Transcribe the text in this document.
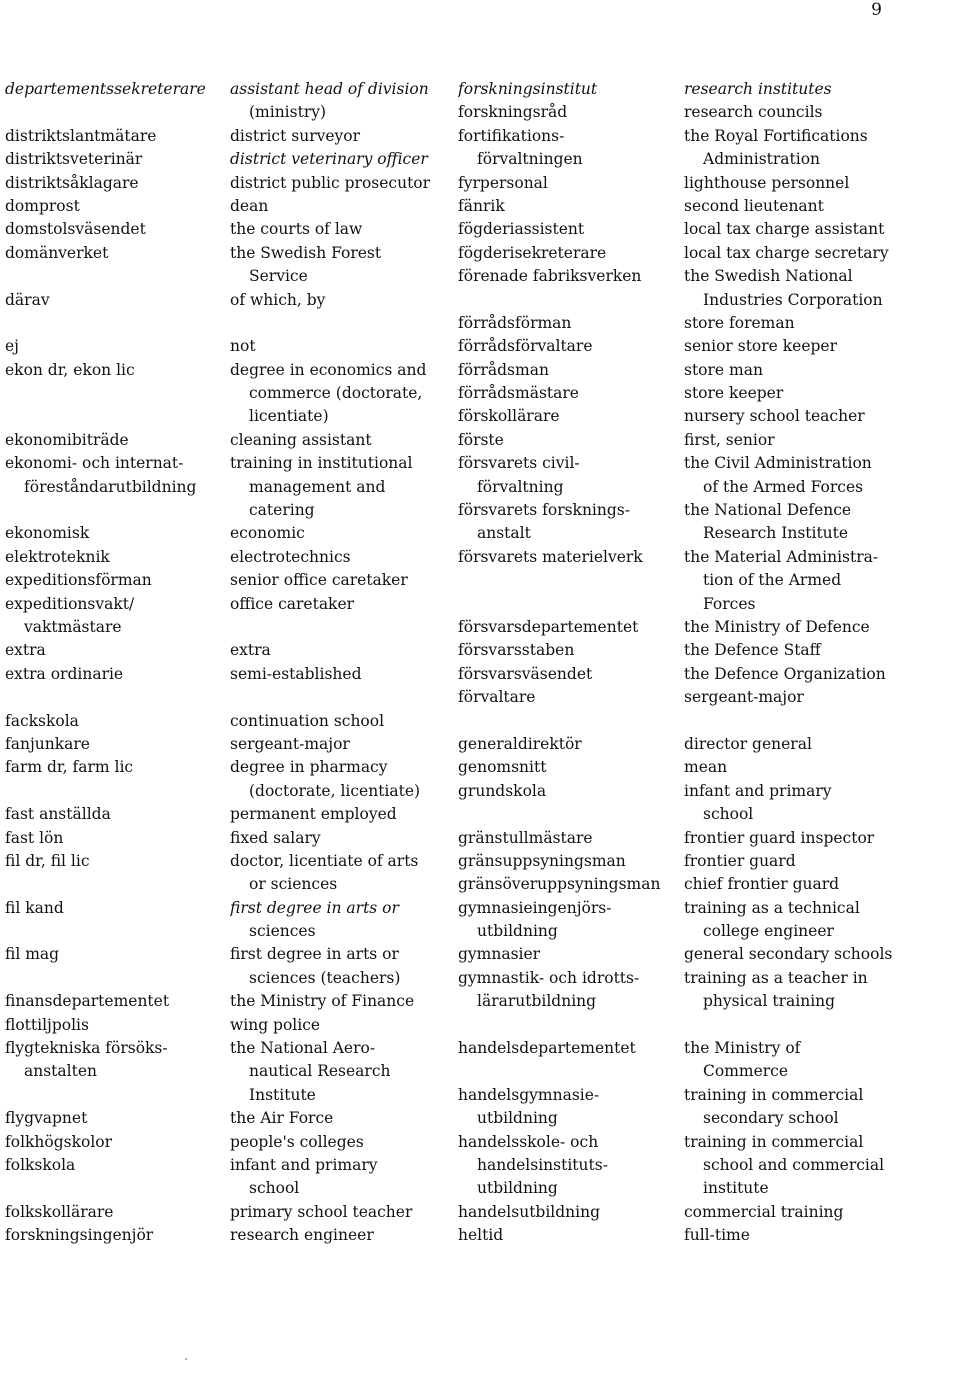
9
departementssekreterare
distriktslantmätare
distriktsveterinär
distriktsåklagare
domprost
domstolsväsendet
domänverket
därav
ej
ekon dr, ekon lic
ekonomibiträde
ekonomi- och internat-
föreståndarutbildning
ekonomisk
elektroteknik
expeditionsförman
expeditionsvakt/
vaktmästare
extra
extra ordinarie
fackskola
fanjunkare
farm dr, farm lic
fast anställda
fast lön
fil dr, fil lic
fil kand
fil mag
finansdepartementet
flottiljpolis
flygtekniska försöks-
anstalten
flygvapnet
folkhögskolor
folkskola
folkskollärare
forskningsingenjör
assistant head of division
(ministry)
district surveyor
district veterinary officer
district public prosecutor
dean
the courts of law
the Swedish Forest
Service
of which, by
not
degree in economics and
commerce (doctorate,
licentiate)
cleaning assistant
training in institutional
management and
catering
economic
electrotechnics
senior office caretaker
office caretaker
extra
semi-established
continuation school
sergeant-major
degree in pharmacy
(doctorate, licentiate)
permanent employed
fixed salary
doctor, licentiate of arts
or sciences
first degree in arts or
sciences
first degree in arts or
sciences (teachers)
the Ministry of Finance
wing police
the National Aero-
nautical Research
Institute
the Air Force
people's colleges
infant and primary
school
primary school teacher
research engineer
forskningsinstitut
forskningsråd
fortifikations-
förvaltningen
fyrpersonal
fänrik
fögderiassistent
fögderisekreterare
förenade fabriksverken
förrådsförman
förrådsförvaltare
förrådsman
förrådsmästare
förskollärare
förste
försvarets civil-
förvaltning
försvarets forsknings-
anstalt
försvarets materielverk
försvarsdepartementet
försvarsstaben
försvarsväsendet
förvaltare
generaldirektör
genomsnitt
grundskola
gränstullmästare
gränsuppsyningsman
gränsöveruppsyningsman
gymnasieingenjörs-
utbildning
gymnasier
gymnastik- och idrotts-
lärarutbildning
handelsdepartementet
handelsgymnasie-
utbildning
handelsskole- och
handelsinstituts-
utbildning
handelsutbildning
heltid
research institutes
research councils
the Royal Fortifications
Administration
lighthouse personnel
second lieutenant
local tax charge assistant
local tax charge secretary
the Swedish National
Industries Corporation
store foreman
senior store keeper
store man
store keeper
nursery school teacher
first, senior
the Civil Administration
of the Armed Forces
the National Defence
Research Institute
the Material Administra-
tion of the Armed
Forces
the Ministry of Defence
the Defence Staff
the Defence Organization
sergeant-major
director general
mean
infant and primary
school
frontier guard inspector
frontier guard
chief frontier guard
training as a technical
college engineer
general secondary schools
training as a teacher in
physical training
the Ministry of
Commerce
training in commercial
secondary school
training in commercial
school and commercial
institute
commercial training
full-time
